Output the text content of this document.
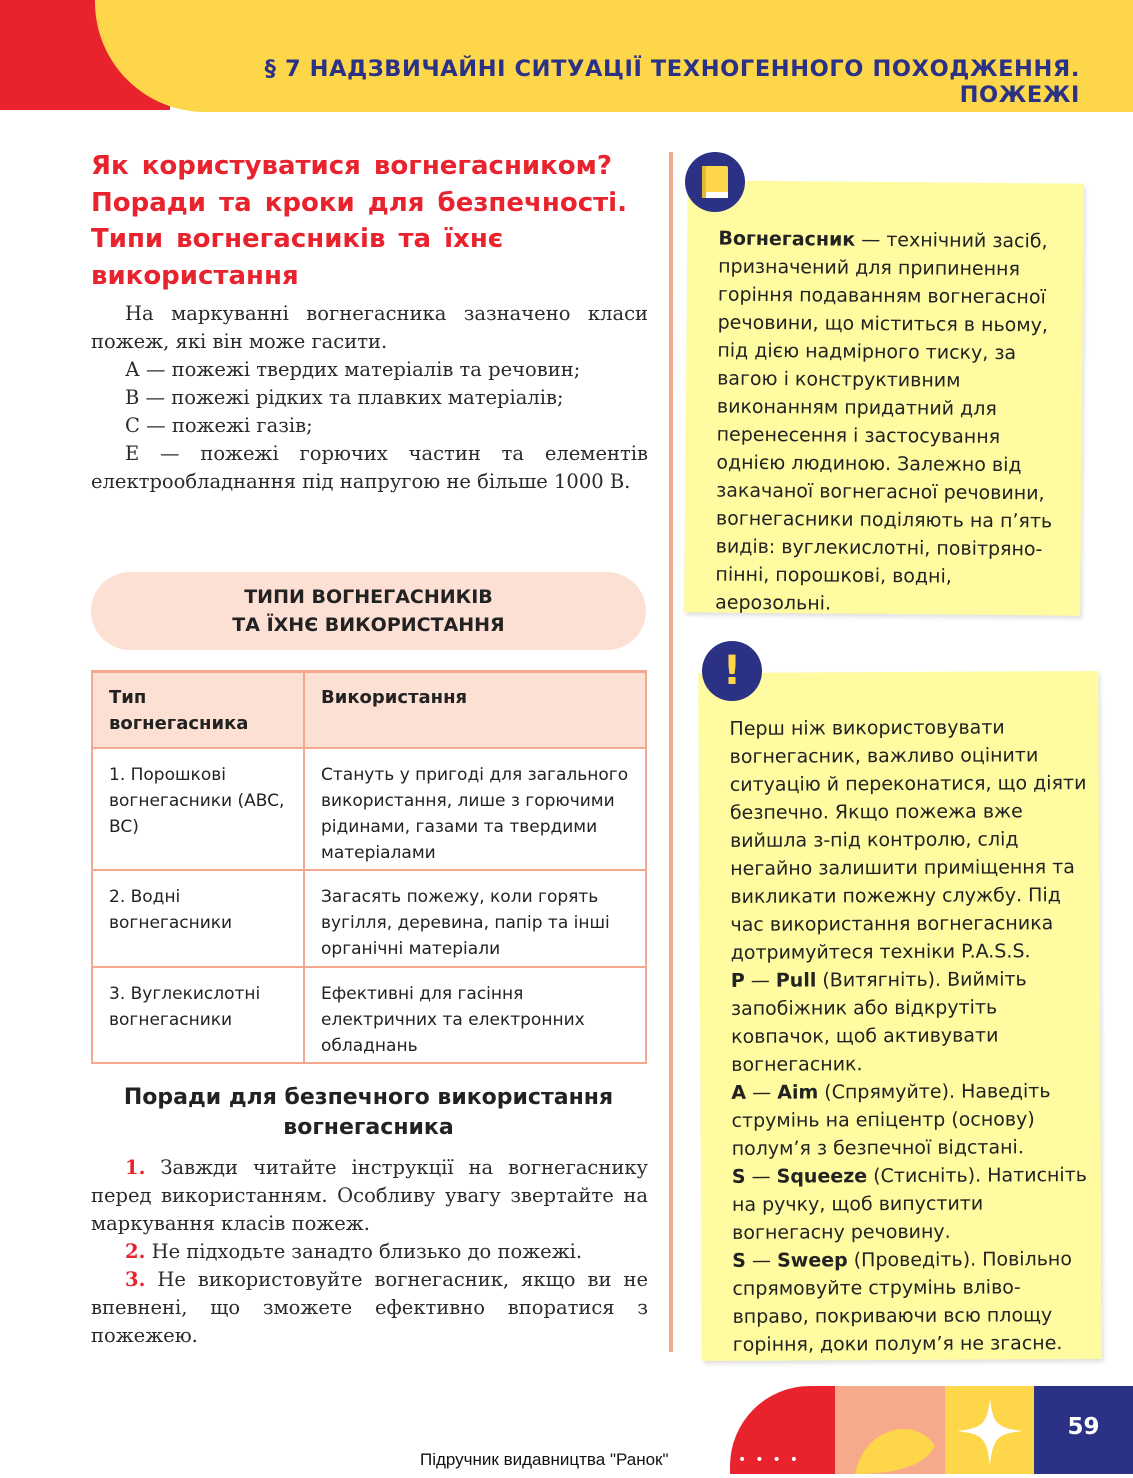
§ 7 НАДЗВИЧАЙНІ СИТУАЦІЇ ТЕХНОГЕННОГО ПОХОДЖЕННЯ. ПОЖЕЖІ
Як користуватися вогнегасником?
Поради та кроки для безпечності.
Типи вогнегасників та їхнє
використання

На маркуванні вогнегасника зазначено класи пожеж, які він може гасити.

А — пожежі твердих матеріалів та речовин;

В — пожежі рідких та плавких матеріалів;

С — пожежі газів;

Е — пожежі горючих частин та елементів електрообладнання під напругою не більше 1000 В.

ТИПИ ВОГНЕГАСНИКІВ
ТА ЇХНЄ ВИКОРИСТАННЯ
Тип вогнегасника	Використання
1. Порошкові вогнегасники (ABC, BC)	Стануть у пригоді для загального використання, лише з горючими рідинами, газами та твердими матеріалами
2. Водні вогнегасники	Загасять пожежу, коли горять вугілля, деревина, папір та інші органічні матеріали
3. Вуглекислотні вогнегасники	Ефективні для гасіння електричних та електронних обладнань
Поради для безпечного використання вогнегасника

1. Завжди читайте інструкції на вогнегаснику перед використанням. Особливу увагу звертайте на маркування класів пожеж.

2. Не підходьте занадто близько до пожежі.

3. Не використовуйте вогнегасник, якщо ви не впевнені, що зможете ефективно впоратися з пожежею.

Вогнегасник — технічний засіб, призначений для припинення горіння подаванням вогнегасної речовини, що міститься в ньому, під дією надмірного тиску, за вагою і конструктивним виконанням придатний для перенесення і застосування однією людиною. Залежно від закачаної вогнегасної речовини, вогнегасники поділяють на п’ять видів: вуглекислотні, повітряно-пінні, порошкові, водні, аерозольні.

Перш ніж використовувати вогнегасник, важливо оцінити ситуацію й переконатися, що діяти безпечно. Якщо пожежа вже вийшла з-під контролю, слід негайно залишити приміщення та викликати пожежну службу. Під час використання вогнегасника дотримуйтеся техніки P.A.S.S.

P — Pull (Витягніть). Вийміть запобіжник або відкрутіть ковпачок, щоб активувати вогнегасник.

A — Aim (Спрямуйте). Наведіть струмінь на епіцентр (основу) полум’я з безпечної відстані.

S — Squeeze (Стисніть). Натисніть на ручку, щоб випустити вогнегасну речовину.

S — Sweep (Проведіть). Повільно спрямовуйте струмінь вліво-вправо, покриваючи всю площу горіння, доки полум’я не згасне.

!
Підручник видавництва "Ранок"	••••
59
